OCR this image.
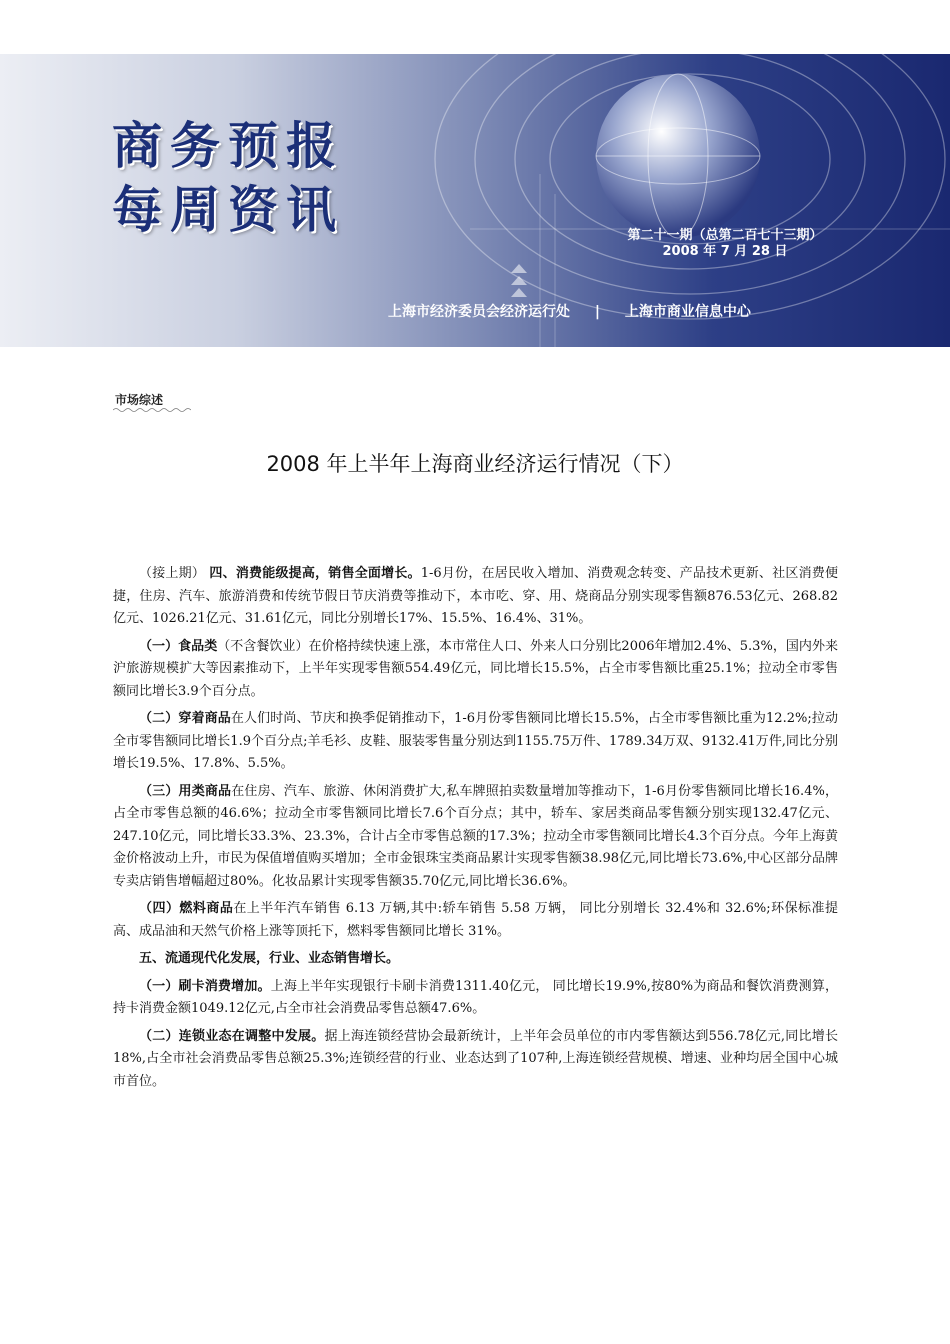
商务预报
每周资讯	第二十一期（总第二百七十三期）
2008 年 7 月 28 日
上海市经济委员会经济运行处 | 上海市商业信息中心
市场综述
2008 年上半年上海商业经济运行情况（下）

（接上期） 四、消费能级提高，销售全面增长。1-6月份，在居民收入增加、消费观念转变、产品技术更新、社区消费便捷，住房、汽车、旅游消费和传统节假日节庆消费等推动下，本市吃、穿、用、烧商品分别实现零售额876.53亿元、268.82亿元、1026.21亿元、31.61亿元，同比分别增长17%、15.5%、16.4%、31%。

（一）食品类（不含餐饮业）在价格持续快速上涨，本市常住人口、外来人口分别比2006年增加2.4%、5.3%，国内外来沪旅游规模扩大等因素推动下，上半年实现零售额554.49亿元，同比增长15.5%，占全市零售额比重25.1%；拉动全市零售额同比增长3.9个百分点。

（二）穿着商品在人们时尚、节庆和换季促销推动下，1-6月份零售额同比增长15.5%，占全市零售额比重为12.2%;拉动全市零售额同比增长1.9个百分点;羊毛衫、皮鞋、服装零售量分别达到1155.75万件、1789.34万双、9132.41万件,同比分别增长19.5%、17.8%、5.5%。

（三）用类商品在住房、汽车、旅游、休闲消费扩大,私车牌照拍卖数量增加等推动下，1-6月份零售额同比增长16.4%，占全市零售总额的46.6%；拉动全市零售额同比增长7.6个百分点；其中，轿车、家居类商品零售额分别实现132.47亿元、247.10亿元，同比增长33.3%、23.3%，合计占全市零售总额的17.3%；拉动全市零售额同比增长4.3个百分点。今年上海黄金价格波动上升，市民为保值增值购买增加；全市金银珠宝类商品累计实现零售额38.98亿元,同比增长73.6%,中心区部分品牌专卖店销售增幅超过80%。化妆品累计实现零售额35.70亿元,同比增长36.6%。

（四）燃料商品在上半年汽车销售 6.13 万辆,其中:轿车销售 5.58 万辆， 同比分别增长 32.4%和 32.6%;环保标准提高、成品油和天然气价格上涨等顶托下，燃料零售额同比增长 31%。

五、流通现代化发展，行业、业态销售增长。

（一）刷卡消费增加。上海上半年实现银行卡刷卡消费1311.40亿元， 同比增长19.9%,按80%为商品和餐饮消费测算， 持卡消费金额1049.12亿元,占全市社会消费品零售总额47.6%。

（二）连锁业态在调整中发展。据上海连锁经营协会最新统计，上半年会员单位的市内零售额达到556.78亿元,同比增长18%,占全市社会消费品零售总额25.3%;连锁经营的行业、业态达到了107种,上海连锁经营规模、增速、业种均居全国中心城市首位。
